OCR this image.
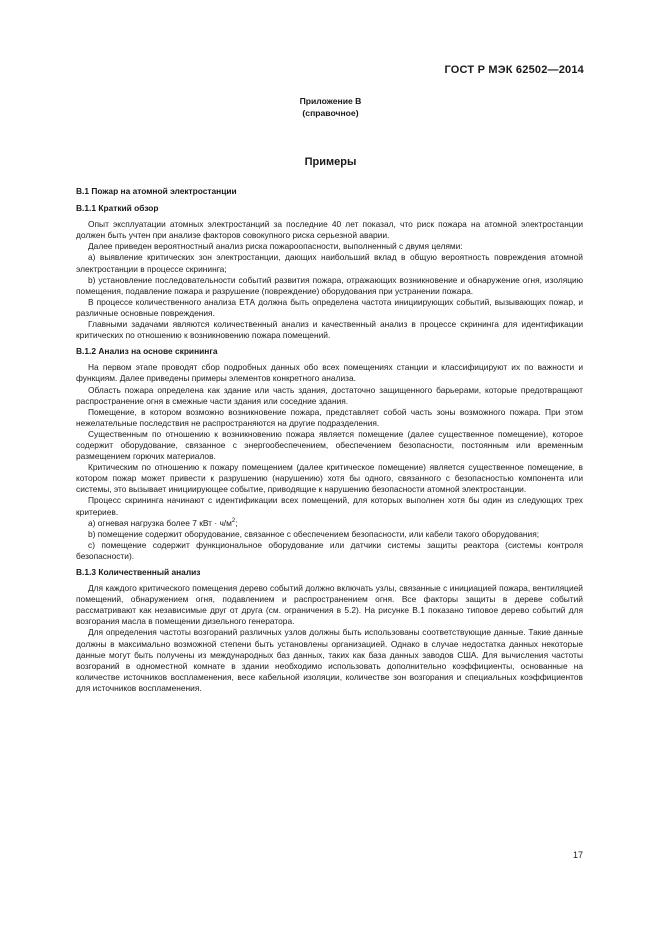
ГОСТ Р МЭК 62502—2014
Приложение В
(справочное)
Примеры
В.1 Пожар на атомной электростанции
В.1.1 Краткий обзор

Опыт эксплуатации атомных электростанций за последние 40 лет показал, что риск пожара на атомной электростанции должен быть учтен при анализе факторов совокупного риска серьезной аварии.

Далее приведен вероятностный анализ риска пожароопасности, выполненный с двумя целями:

а) выявление критических зон электростанции, дающих наибольший вклад в общую вероятность повреждения атомной электростанции в процессе скрининга;

b) установление последовательности событий развития пожара, отражающих возникновение и обнаружение огня, изоляцию помещения, подавление пожара и разрушение (повреждение) оборудования при устранении пожара.

В процессе количественного анализа ЕТА должна быть определена частота инициирующих событий, вызывающих пожар, и различные основные повреждения.

Главными задачами являются количественный анализ и качественный анализ в процессе скрининга для идентификации критических по отношению к возникновению пожара помещений.

В.1.2 Анализ на основе скрининга

На первом этапе проводят сбор подробных данных обо всех помещениях станции и классифицируют их по важности и функциям. Далее приведены примеры элементов конкретного анализа.

Область пожара определена как здание или часть здания, достаточно защищенного барьерами, которые предотвращают распространение огня в смежные части здания или соседние здания.

Помещение, в котором возможно возникновение пожара, представляет собой часть зоны возможного пожара. При этом нежелательные последствия не распространяются на другие подразделения.

Существенным по отношению к возникновению пожара является помещение (далее существенное помещение), которое содержит оборудование, связанное с энергообеспечением, обеспечением безопасности, постоянным или временным размещением горючих материалов.

Критическим по отношению к пожару помещением (далее критическое помещение) является существенное помещение, в котором пожар может привести к разрушению (нарушению) хотя бы одного, связанного с безопасностью компонента или системы, это вызывает инициирующее событие, приводящие к нарушению безопасности атомной электростанции.

Процесс скрининга начинают с идентификации всех помещений, для которых выполнен хотя бы один из следующих трех критериев.

а) огневая нагрузка более 7 кВт · $ч/м^2$;

b) помещение содержит оборудование, связанное с обеспечением безопасности, или кабели такого оборудования;

с) помещение содержит функциональное оборудование или датчики системы защиты реактора (системы контроля безопасности).

В.1.3 Количественный анализ

Для каждого критического помещения дерево событий должно включать узлы, связанные с инициацией пожара, вентиляцией помещений, обнаружением огня, подавлением и распространением огня. Все факторы защиты в дереве событий рассматривают как независимые друг от друга (см. ограничения в 5.2). На рисунке В.1 показано типовое дерево событий для возгорания масла в помещении дизельного генератора.

Для определения частоты возгораний различных узлов должны быть использованы соответствующие данные. Такие данные должны в максимально возможной степени быть установлены организацией. Однако в случае недостатка данных некоторые данные могут быть получены из международных баз данных, таких как база данных заводов США. Для вычисления частоты возгораний в одноместной комнате в здании необходимо использовать дополнительно коэффициенты, основанные на количестве источников воспламенения, весе кабельной изоляции, количестве зон возгорания и специальных коэффициентов для источников воспламенения.

17
